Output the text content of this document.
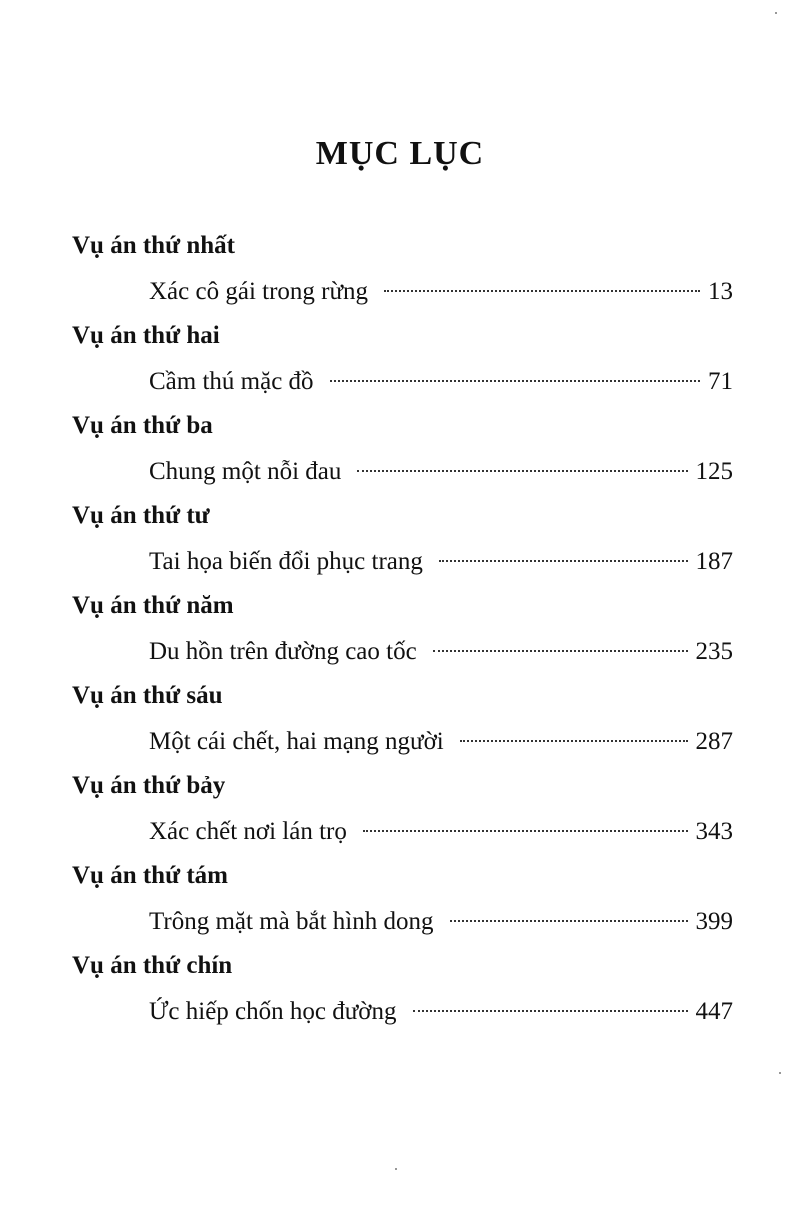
MỤC LỤC
Vụ án thứ nhất
Xác cô gái trong rừng	13
Vụ án thứ hai
Cầm thú mặc đồ	71
Vụ án thứ ba
Chung một nỗi đau	125
Vụ án thứ tư
Tai họa biến đổi phục trang	187
Vụ án thứ năm
Du hồn trên đường cao tốc	235
Vụ án thứ sáu
Một cái chết, hai mạng người	287
Vụ án thứ bảy
Xác chết nơi lán trọ	343
Vụ án thứ tám
Trông mặt mà bắt hình dong	399
Vụ án thứ chín
Ức hiếp chốn học đường	447
